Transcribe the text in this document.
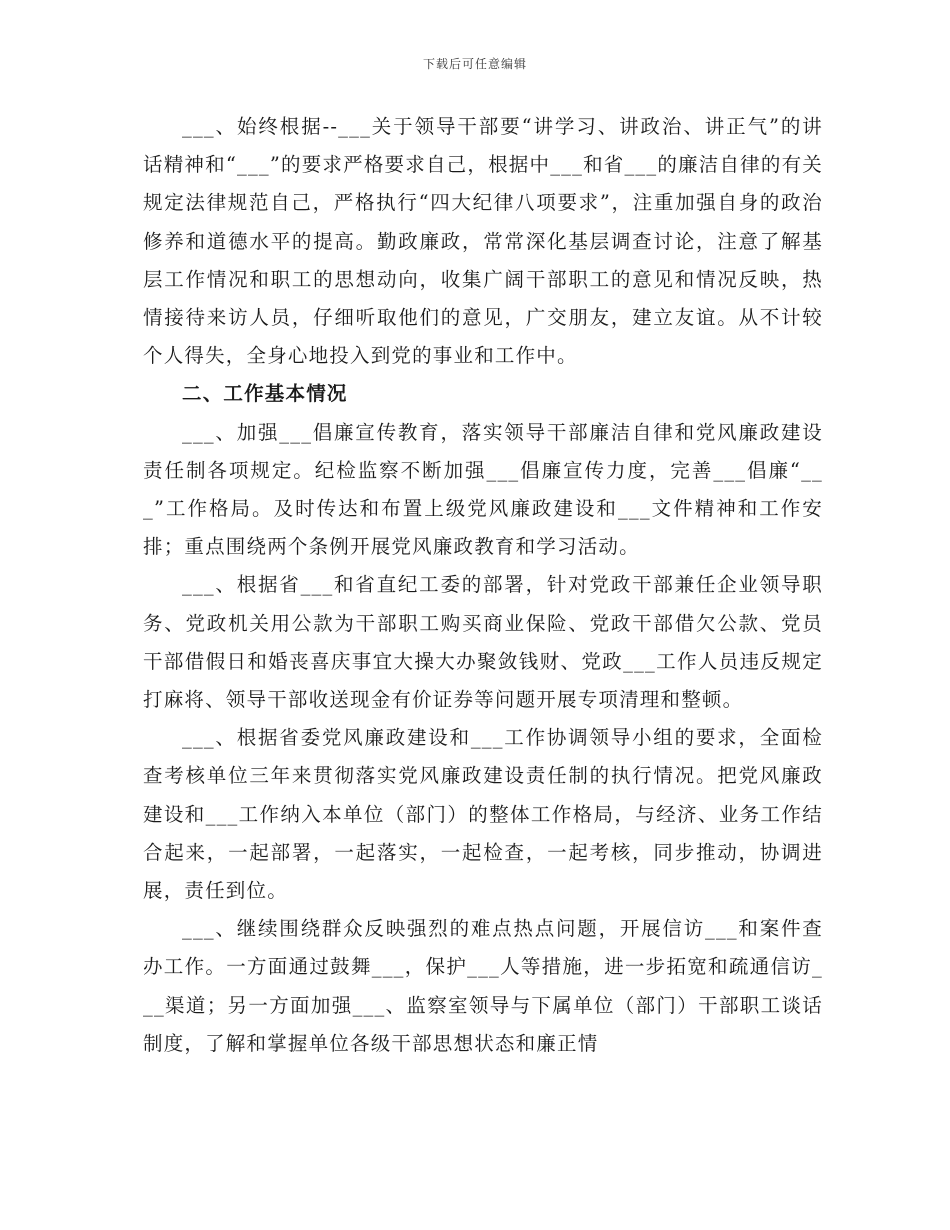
下载后可任意编辑

___、始终根据--___关于领导干部要“讲学习、讲政治、讲正气”的讲话精神和“___”的要求严格要求自己，根据中___和省___的廉洁自律的有关规定法律规范自己，严格执行“四大纪律八项要求”，注重加强自身的政治修养和道德水平的提高。勤政廉政，常常深化基层调查讨论，注意了解基层工作情况和职工的思想动向，收集广阔干部职工的意见和情况反映，热情接待来访人员，仔细听取他们的意见，广交朋友，建立友谊。从不计较个人得失，全身心地投入到党的事业和工作中。

二、工作基本情况

___、加强___倡廉宣传教育，落实领导干部廉洁自律和党风廉政建设责任制各项规定。纪检监察不断加强___倡廉宣传力度，完善___倡廉“___”工作格局。及时传达和布置上级党风廉政建设和___文件精神和工作安排；重点围绕两个条例开展党风廉政教育和学习活动。

___、根据省___和省直纪工委的部署，针对党政干部兼任企业领导职务、党政机关用公款为干部职工购买商业保险、党政干部借欠公款、党员干部借假日和婚丧喜庆事宜大操大办聚敛钱财、党政___工作人员违反规定打麻将、领导干部收送现金有价证券等问题开展专项清理和整顿。

___、根据省委党风廉政建设和___工作协调领导小组的要求，全面检查考核单位三年来贯彻落实党风廉政建设责任制的执行情况。把党风廉政建设和___工作纳入本单位（部门）的整体工作格局，与经济、业务工作结合起来，一起部署，一起落实，一起检查，一起考核，同步推动，协调进展，责任到位。

___、继续围绕群众反映强烈的难点热点问题，开展信访___和案件查办工作。一方面通过鼓舞___，保护___人等措施，进一步拓宽和疏通信访___渠道；另一方面加强___、监察室领导与下属单位（部门）干部职工谈话制度，了解和掌握单位各级干部思想状态和廉正情
